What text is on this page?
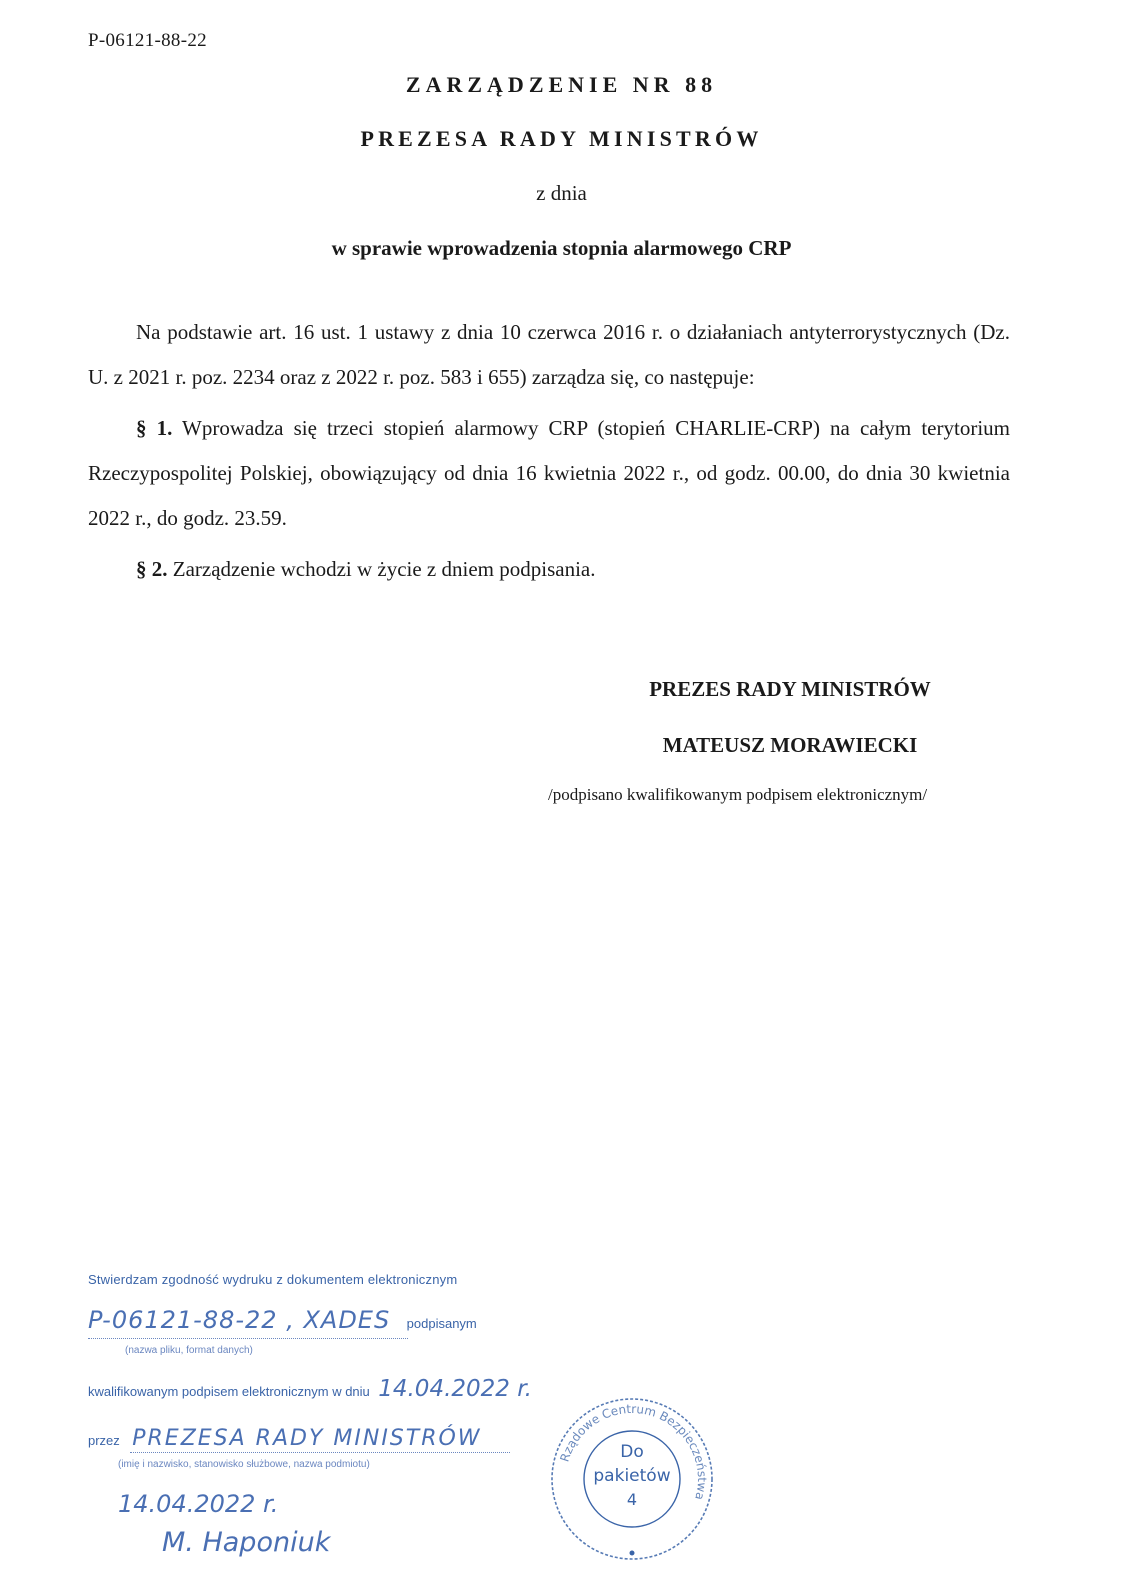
P-06121-88-22
ZARZĄDZENIE NR 88
PREZESA RADY MINISTRÓW
z dnia
w sprawie wprowadzenia stopnia alarmowego CRP

Na podstawie art. 16 ust. 1 ustawy z dnia 10 czerwca 2016 r. o działaniach antyterrorystycznych (Dz. U. z 2021 r. poz. 2234 oraz z 2022 r. poz. 583 i 655) zarządza się, co następuje:

§ 1. Wprowadza się trzeci stopień alarmowy CRP (stopień CHARLIE-CRP) na całym terytorium Rzeczypospolitej Polskiej, obowiązujący od dnia 16 kwietnia 2022 r., od godz. 00.00, do dnia 30 kwietnia 2022 r., do godz. 23.59.

§ 2. Zarządzenie wchodzi w życie z dniem podpisania.

PREZES RADY MINISTRÓW
MATEUSZ MORAWIECKI
/podpisano kwalifikowanym podpisem elektronicznym/
Stwierdzam zgodność wydruku z dokumentem elektronicznym
P-06121-88-22 , XADES podpisanym
(nazwa pliku, format danych)
kwalifikowanym podpisem elektronicznym w dniu 14.04.2022 r.
przez PREZESA RADY MINISTRÓW
(imię i nazwisko, stanowisko służbowe, nazwa podmiotu)
14.04.2022 r.
M. Haponiuk
Rządowe Centrum Bezpieczeństwa
Do
pakietów
4
